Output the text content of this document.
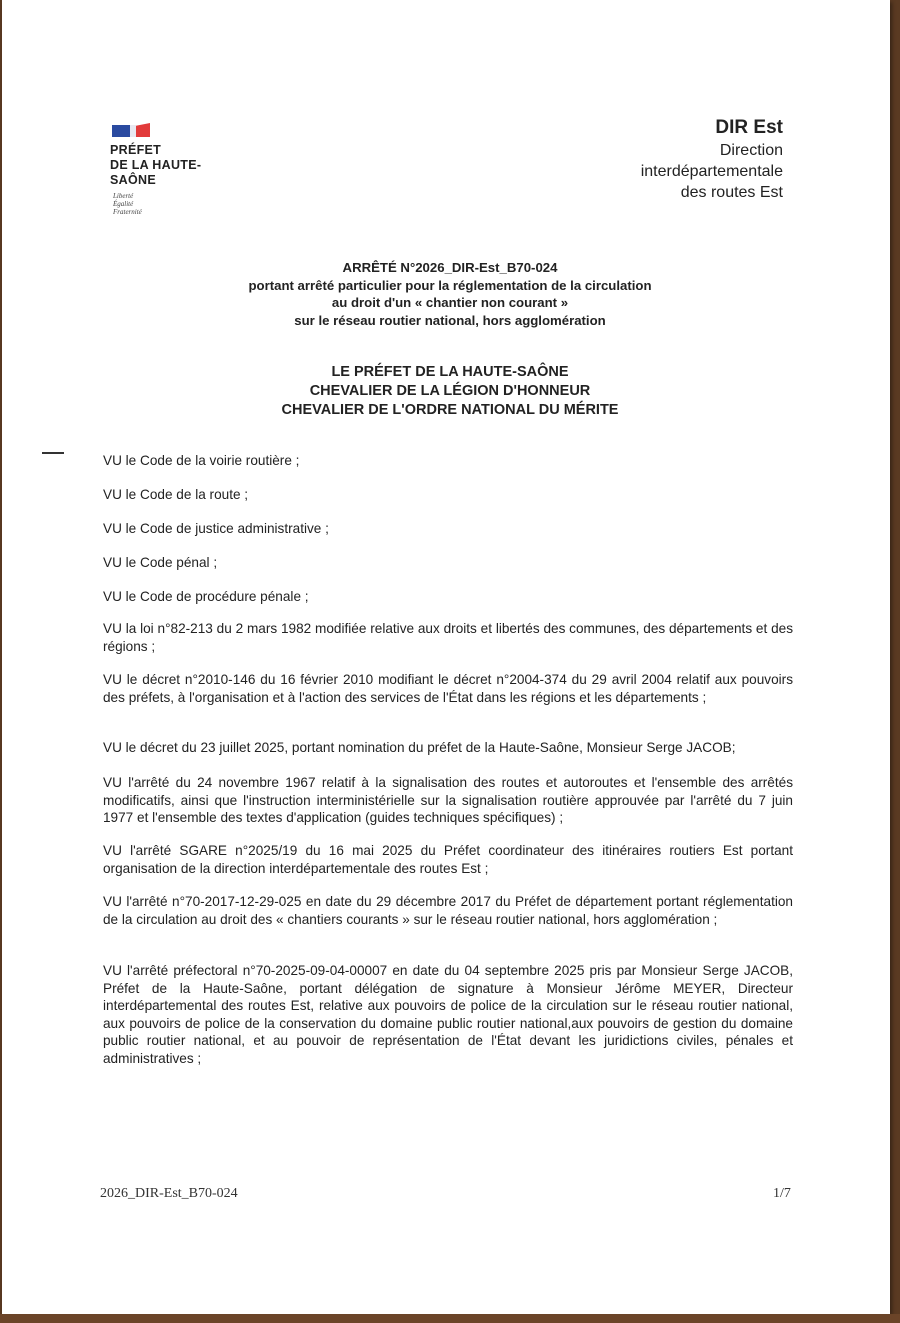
PRÉFET
DE LA HAUTE-
SAÔNE
Liberté
Égalité
Fraternité
DIR Est
Direction
interdépartementale
des routes Est
ARRÊTÉ N°2026_DIR-Est_B70-024
portant arrêté particulier pour la réglementation de la circulation
au droit d'un « chantier non courant »
sur le réseau routier national, hors agglomération
LE PRÉFET DE LA HAUTE-SAÔNE
CHEVALIER DE LA LÉGION D'HONNEUR
CHEVALIER DE L'ORDRE NATIONAL DU MÉRITE

VU le Code de la voirie routière ;

VU le Code de la route ;

VU le Code de justice administrative ;

VU le Code pénal ;

VU le Code de procédure pénale ;

VU la loi n°82-213 du 2 mars 1982 modifiée relative aux droits et libertés des communes, des départements et des régions ;

VU le décret n°2010-146 du 16 février 2010 modifiant le décret n°2004-374 du 29 avril 2004 relatif aux pouvoirs des préfets, à l'organisation et à l'action des services de l'État dans les régions et les départements ;

VU le décret du 23 juillet 2025, portant nomination du préfet de la Haute-Saône, Monsieur Serge JACOB;

VU l'arrêté du 24 novembre 1967 relatif à la signalisation des routes et autoroutes et l'ensemble des arrêtés modificatifs, ainsi que l'instruction interministérielle sur la signalisation routière approuvée par l'arrêté du 7 juin 1977 et l'ensemble des textes d'application (guides techniques spécifiques) ;

VU l'arrêté SGARE n°2025/19 du 16 mai 2025 du Préfet coordinateur des itinéraires routiers Est portant organisation de la direction interdépartementale des routes Est ;

VU l'arrêté n°70-2017-12-29-025 en date du 29 décembre 2017 du Préfet de département portant réglementation de la circulation au droit des « chantiers courants » sur le réseau routier national, hors agglomération ;

VU l'arrêté préfectoral n°70-2025-09-04-00007 en date du 04 septembre 2025 pris par Monsieur Serge JACOB, Préfet de la Haute-Saône, portant délégation de signature à Monsieur Jérôme MEYER, Directeur interdépartemental des routes Est, relative aux pouvoirs de police de la circulation sur le réseau routier national, aux pouvoirs de police de la conservation du domaine public routier national,aux pouvoirs de gestion du domaine public routier national, et au pouvoir de représentation de l'État devant les juridictions civiles, pénales et administratives ;

2026_DIR-Est_B70-024	1/7
